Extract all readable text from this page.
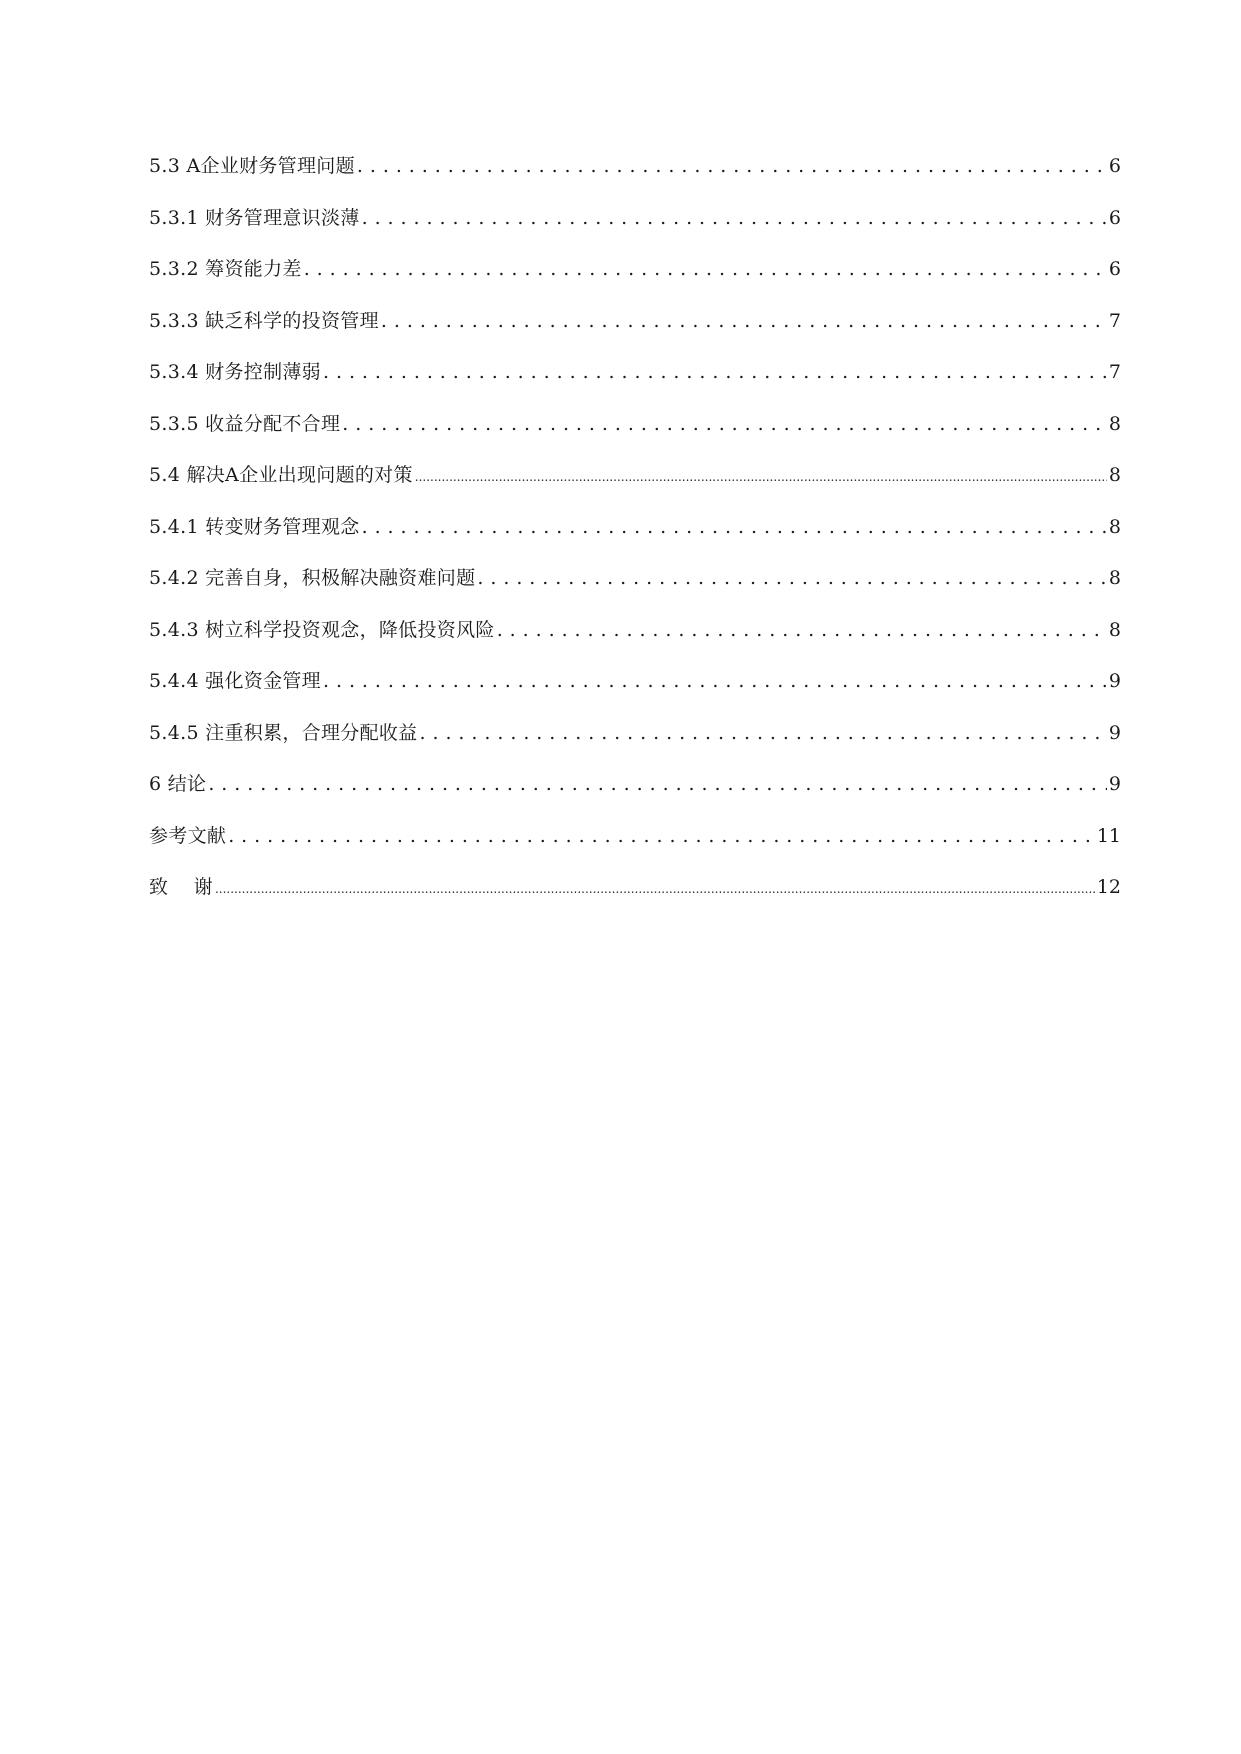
5.3 A企业财务管理问题 . . .	6
5.3.1 财务管理意识淡薄 . . .	6
5.3.2 筹资能力差 . . .	6
5.3.3 缺乏科学的投资管理 . . .	7
5.3.4 财务控制薄弱 . . .	7
5.3.5 收益分配不合理 . . .	8
5.4 解决A企业出现问题的对策 .....	8
5.4.1 转变财务管理观念 . . .	8
5.4.2 完善自身，积极解决融资难问题 . . .	8
5.4.3 树立科学投资观念，降低投资风险 . . .	8
5.4.4 强化资金管理 . . .	9
5.4.5 注重积累，合理分配收益 . . .	9
6 结论 . . .	9
参考文献 . . .	11
致    谢 .....	12
